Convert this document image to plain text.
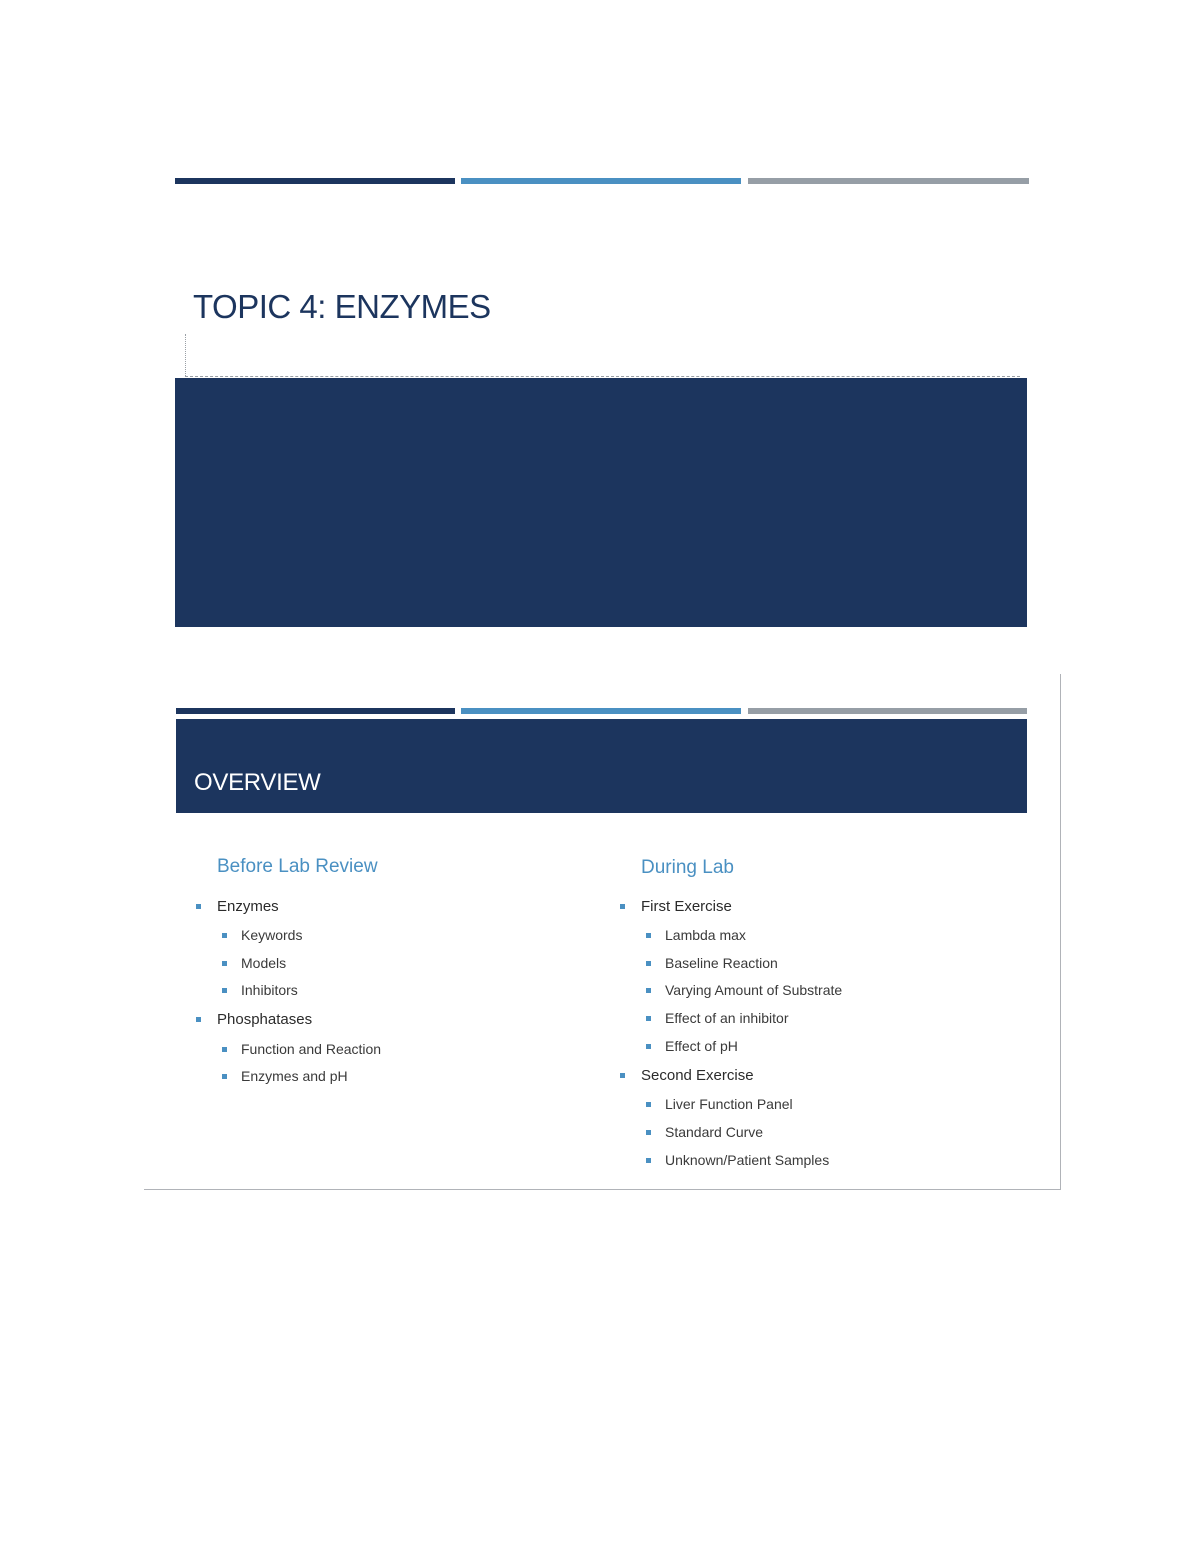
TOPIC 4: ENZYMES
OVERVIEW
Before Lab Review
Enzymes
Keywords
Models
Inhibitors
Phosphatases
Function and Reaction
Enzymes and pH
During Lab
First Exercise
Lambda max
Baseline Reaction
Varying Amount of Substrate
Effect of an inhibitor
Effect of pH
Second Exercise
Liver Function Panel
Standard Curve
Unknown/Patient Samples
